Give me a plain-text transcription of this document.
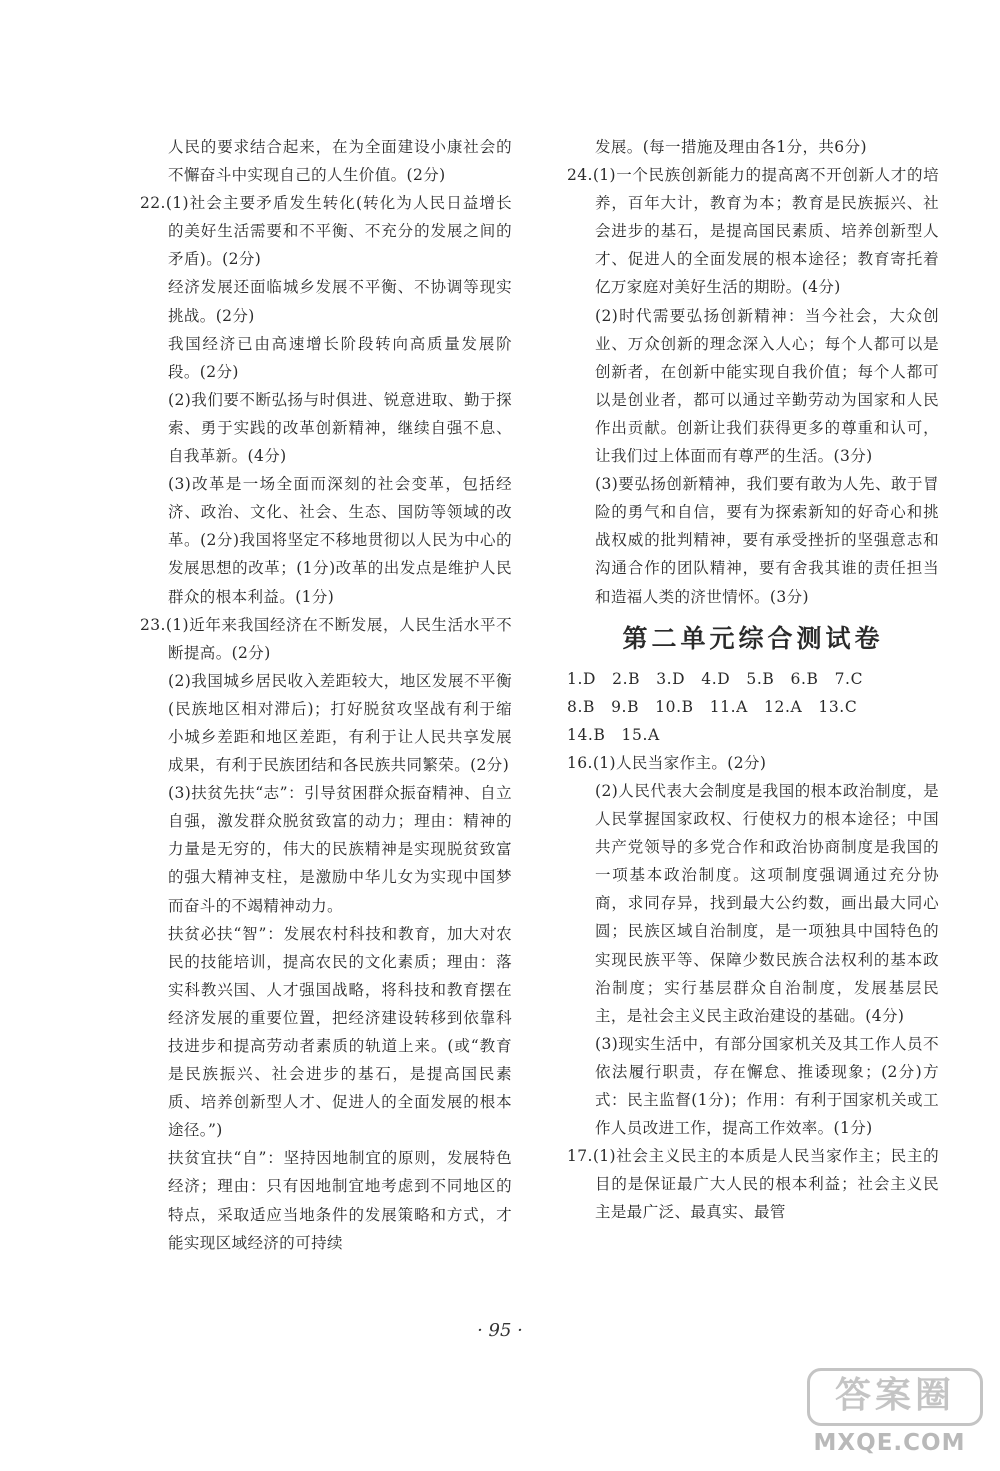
人民的要求结合起来，在为全面建设小康社会的不懈奋斗中实现自己的人生价值。(2分)

22.(1)社会主要矛盾发生转化(转化为人民日益增长的美好生活需要和不平衡、不充分的发展之间的矛盾)。(2分)

经济发展还面临城乡发展不平衡、不协调等现实挑战。(2分)

我国经济已由高速增长阶段转向高质量发展阶段。(2分)

(2)我们要不断弘扬与时俱进、锐意进取、勤于探索、勇于实践的改革创新精神，继续自强不息、自我革新。(4分)

(3)改革是一场全面而深刻的社会变革，包括经济、政治、文化、社会、生态、国防等领域的改革。(2分)我国将坚定不移地贯彻以人民为中心的发展思想的改革；(1分)改革的出发点是维护人民群众的根本利益。(1分)

23.(1)近年来我国经济在不断发展，人民生活水平不断提高。(2分)

(2)我国城乡居民收入差距较大，地区发展不平衡(民族地区相对滞后)；打好脱贫攻坚战有利于缩小城乡差距和地区差距，有利于让人民共享发展成果，有利于民族团结和各民族共同繁荣。(2分)

(3)扶贫先扶“志”：引导贫困群众振奋精神、自立自强，激发群众脱贫致富的动力；理由：精神的力量是无穷的，伟大的民族精神是实现脱贫致富的强大精神支柱，是激励中华儿女为实现中国梦而奋斗的不竭精神动力。

扶贫必扶“智”：发展农村科技和教育，加大对农民的技能培训，提高农民的文化素质；理由：落实科教兴国、人才强国战略，将科技和教育摆在经济发展的重要位置，把经济建设转移到依靠科技进步和提高劳动者素质的轨道上来。(或“教育是民族振兴、社会进步的基石，是提高国民素质、培养创新型人才、促进人的全面发展的根本途径。”)

扶贫宜扶“自”：坚持因地制宜的原则，发展特色经济；理由：只有因地制宜地考虑到不同地区的特点，采取适应当地条件的发展策略和方式，才能实现区域经济的可持续

发展。(每一措施及理由各1分，共6分)

24.(1)一个民族创新能力的提高离不开创新人才的培养，百年大计，教育为本；教育是民族振兴、社会进步的基石，是提高国民素质、培养创新型人才、促进人的全面发展的根本途径；教育寄托着亿万家庭对美好生活的期盼。(4分)

(2)时代需要弘扬创新精神：当今社会，大众创业、万众创新的理念深入人心；每个人都可以是创新者，在创新中能实现自我价值；每个人都可以是创业者，都可以通过辛勤劳动为国家和人民作出贡献。创新让我们获得更多的尊重和认可，让我们过上体面而有尊严的生活。(3分)

(3)要弘扬创新精神，我们要有敢为人先、敢于冒险的勇气和自信，要有为探索新知的好奇心和挑战权威的批判精神，要有承受挫折的坚强意志和沟通合作的团队精神，要有舍我其谁的责任担当和造福人类的济世情怀。(3分)

第二单元综合测试卷

1.D　2.B　3.D　4.D　5.B　6.B　7.C

8.B　9.B　10.B　11.A　12.A　13.C

14.B　15.A

16.(1)人民当家作主。(2分)

(2)人民代表大会制度是我国的根本政治制度，是人民掌握国家政权、行使权力的根本途径；中国共产党领导的多党合作和政治协商制度是我国的一项基本政治制度。这项制度强调通过充分协商，求同存异，找到最大公约数，画出最大同心圆；民族区域自治制度，是一项独具中国特色的实现民族平等、保障少数民族合法权利的基本政治制度；实行基层群众自治制度，发展基层民主，是社会主义民主政治建设的基础。(4分)

(3)现实生活中，有部分国家机关及其工作人员不依法履行职责，存在懈怠、推诿现象；(2分)方式：民主监督(1分)；作用：有利于国家机关或工作人员改进工作，提高工作效率。(1分)

17.(1)社会主义民主的本质是人民当家作主；民主的目的是保证最广大人民的根本利益；社会主义民主是最广泛、最真实、最管

· 95 ·
答案圈
MXQE.COM
